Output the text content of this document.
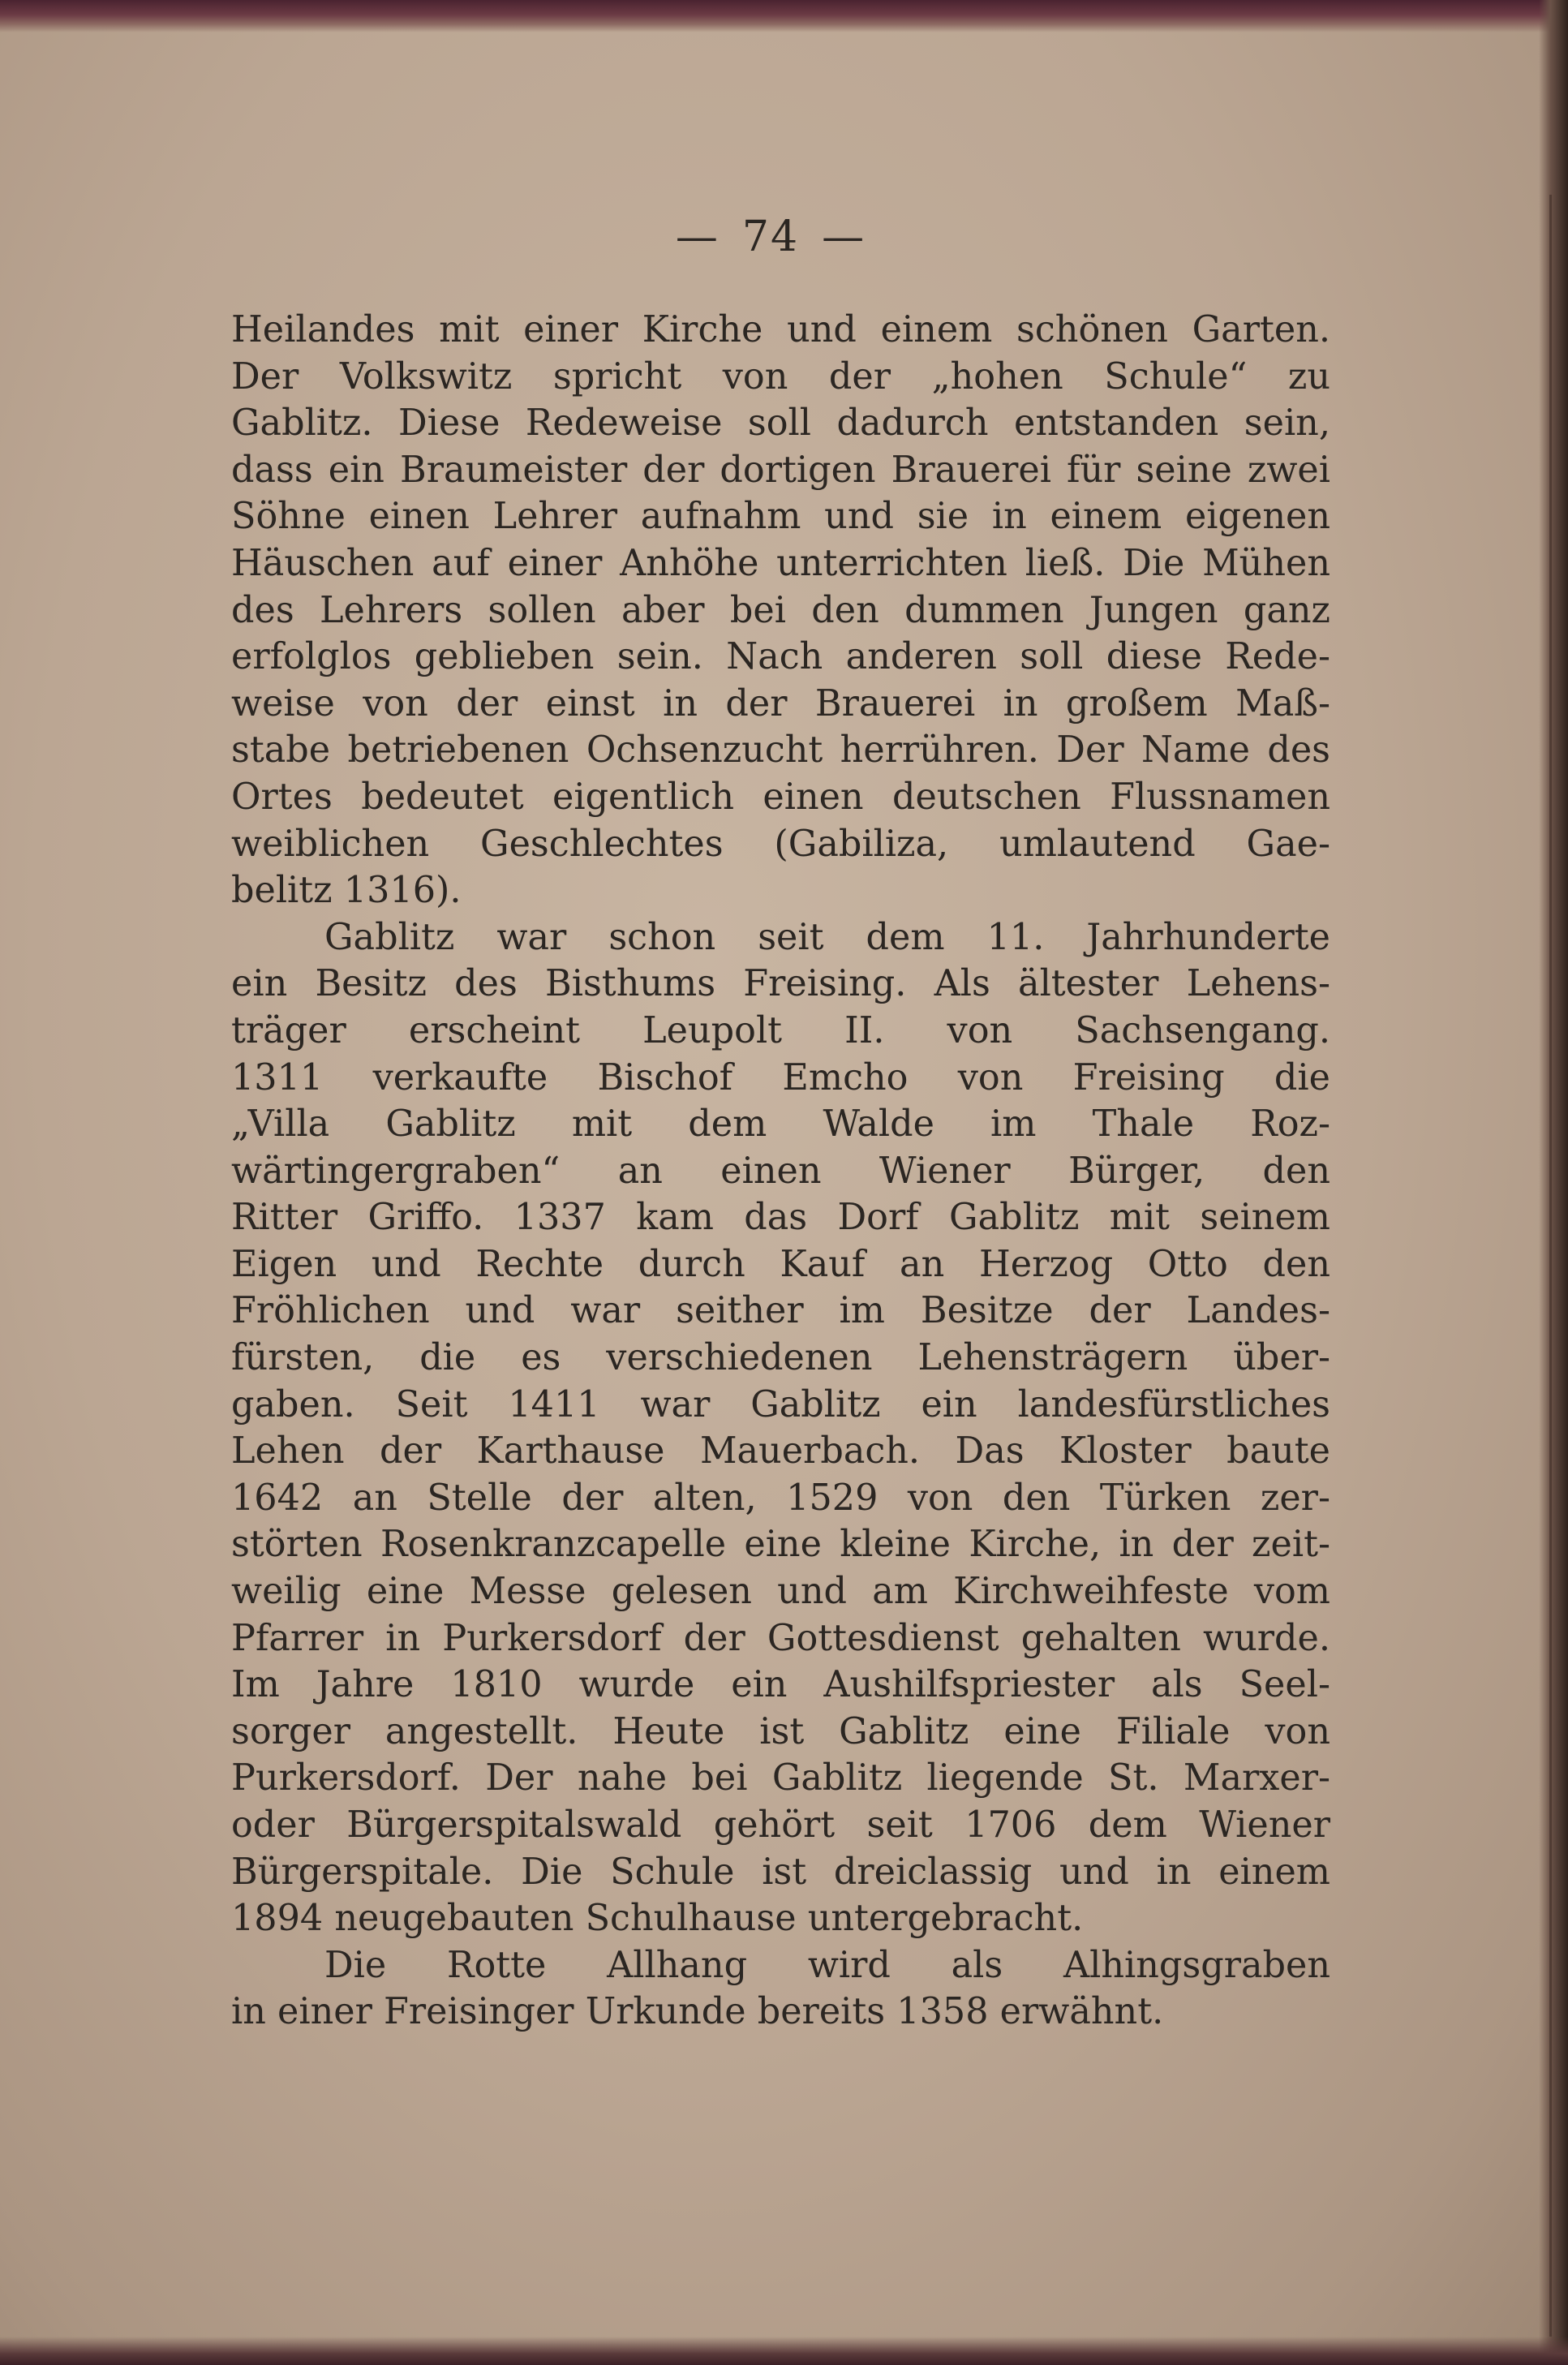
— 74 —
Heilandes mit einer Kirche und einem schönen Garten.
Der Volkswitz spricht von der „hohen Schule“ zu
Gablitz. Diese Redeweise soll dadurch entstanden sein,
dass ein Braumeister der dortigen Brauerei für seine zwei
Söhne einen Lehrer aufnahm und sie in einem eigenen
Häuschen auf einer Anhöhe unterrichten ließ. Die Mühen
des Lehrers sollen aber bei den dummen Jungen ganz
erfolglos geblieben sein. Nach anderen soll diese Rede-
weise von der einst in der Brauerei in großem Maß-
stabe betriebenen Ochsenzucht herrühren. Der Name des
Ortes bedeutet eigentlich einen deutschen Flussnamen
weiblichen Geschlechtes (Gabiliza, umlautend Gae-
belitz 1316).
Gablitz war schon seit dem 11. Jahrhunderte
ein Besitz des Bisthums Freising. Als ältester Lehens-
träger erscheint Leupolt II. von Sachsengang.
1311 verkaufte Bischof Emcho von Freising die
„Villa Gablitz mit dem Walde im Thale Roz-
wärtingergraben“ an einen Wiener Bürger, den
Ritter Griffo. 1337 kam das Dorf Gablitz mit seinem
Eigen und Rechte durch Kauf an Herzog Otto den
Fröhlichen und war seither im Besitze der Landes-
fürsten, die es verschiedenen Lehensträgern über-
gaben. Seit 1411 war Gablitz ein landesfürstliches
Lehen der Karthause Mauerbach. Das Kloster baute
1642 an Stelle der alten, 1529 von den Türken zer-
störten Rosenkranzcapelle eine kleine Kirche, in der zeit-
weilig eine Messe gelesen und am Kirchweihfeste vom
Pfarrer in Purkersdorf der Gottesdienst gehalten wurde.
Im Jahre 1810 wurde ein Aushilfspriester als Seel-
sorger angestellt. Heute ist Gablitz eine Filiale von
Purkersdorf. Der nahe bei Gablitz liegende St. Marxer-
oder Bürgerspitalswald gehört seit 1706 dem Wiener
Bürgerspitale. Die Schule ist dreiclassig und in einem
1894 neugebauten Schulhause untergebracht.
Die Rotte Allhang wird als Alhingsgraben
in einer Freisinger Urkunde bereits 1358 erwähnt.
